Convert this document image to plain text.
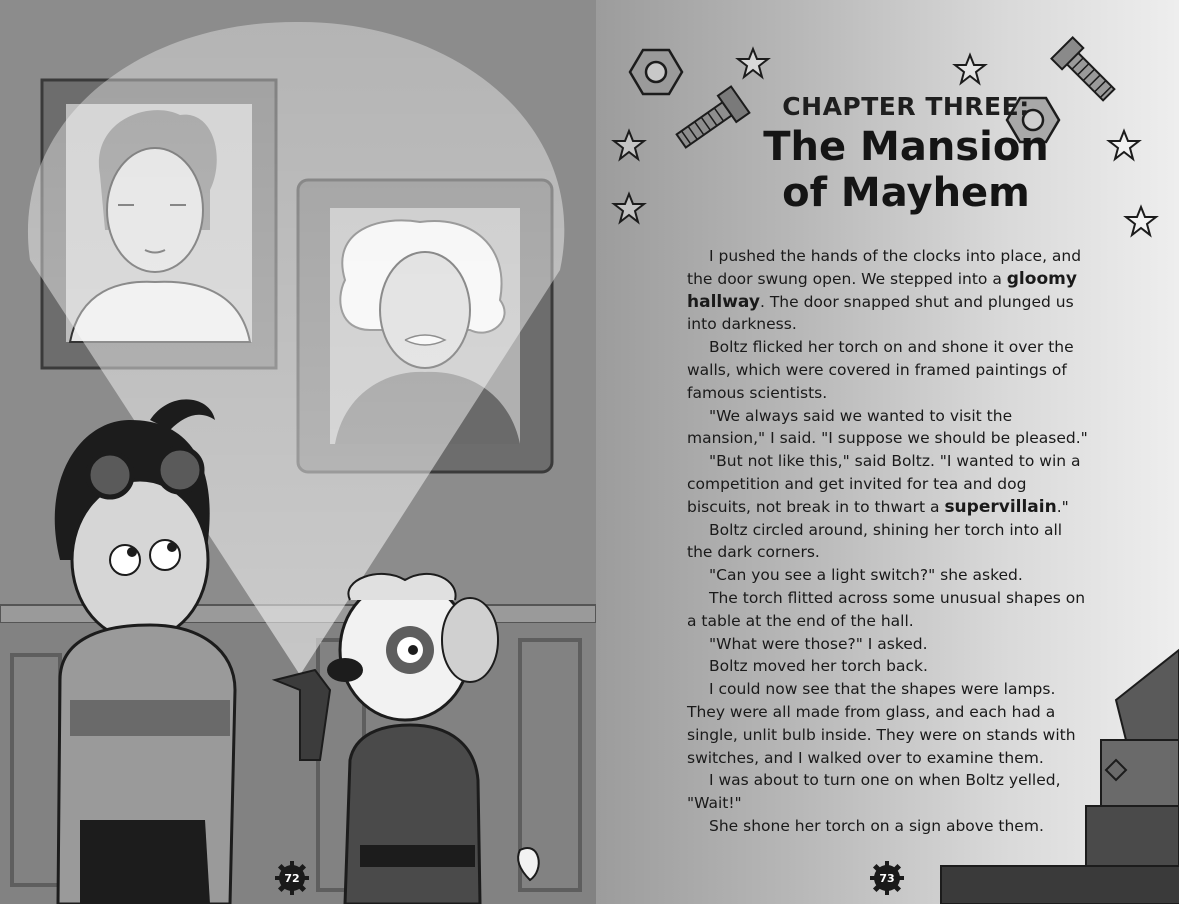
72
CHAPTER THREE:
The Mansion
of Mayhem

I pushed the hands of the clocks into place, and the door swung open. We stepped into a gloomy hallway. The door snapped shut and plunged us into darkness.

Boltz flicked her torch on and shone it over the walls, which were covered in framed paintings of famous scientists.

"We always said we wanted to visit the mansion," I said. "I suppose we should be pleased."

"But not like this," said Boltz. "I wanted to win a competition and get invited for tea and dog biscuits, not break in to thwart a supervillain."

Boltz circled around, shining her torch into all the dark corners.

"Can you see a light switch?" she asked.

The torch flitted across some unusual shapes on a table at the end of the hall.

"What were those?" I asked.

Boltz moved her torch back.

I could now see that the shapes were lamps. They were all made from glass, and each had a single, unlit bulb inside. They were on stands with switches, and I walked over to examine them.

I was about to turn one on when Boltz yelled, "Wait!"

She shone her torch on a sign above them.

73
